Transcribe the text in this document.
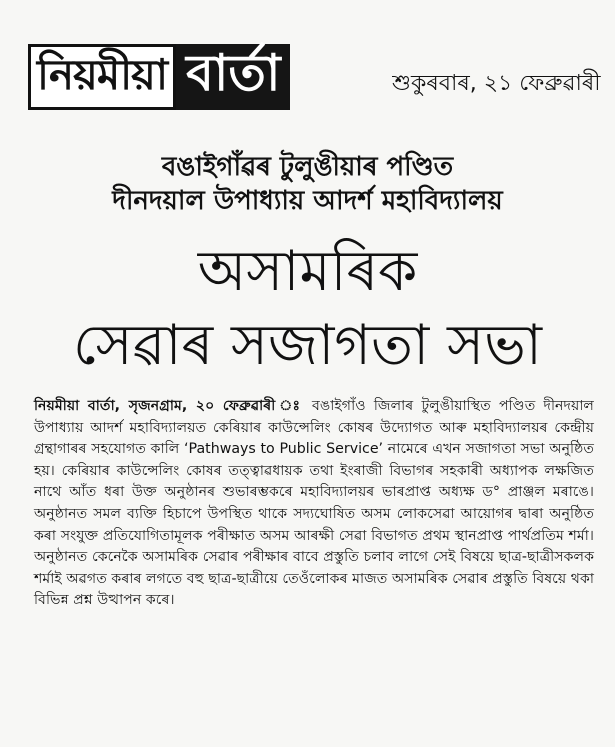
নিয়মীয়া বাৰ্তা	শুকুৰবাৰ, ২১ ফেব্ৰুৱাৰী
বঙাইগাঁৱৰ টুলুঙীয়াৰ পণ্ডিত
দীনদয়াল উপাধ্যায় আদৰ্শ মহাবিদ্যালয়
অসামৰিক
সেৱাৰ সজাগতা সভা
নিয়মীয়া বাৰ্তা, সৃজনগ্ৰাম, ২০ ফেব্ৰুৱাৰী ঃ বঙাইগাঁও জিলাৰ টুলুঙীয়াস্থিত পণ্ডিত দীনদয়াল উপাধ্যায় আদৰ্শ মহাবিদ্যালয়ত কেৰিয়াৰ কাউন্সেলিং কোষৰ উদ্যোগত আৰু মহাবিদ্যালয়ৰ কেন্দ্ৰীয় গ্ৰন্থাগাৰৰ সহযোগত কালি ‘Pathways to Public Service’ নামেৰে এখন সজাগতা সভা অনুষ্ঠিত হয়। কেৰিয়াৰ কাউন্সেলিং কোষৰ তত্ত্বাৱধায়ক তথা ইংৰাজী বিভাগৰ সহকাৰী অধ্যাপক লক্ষজিত নাথে আঁত ধৰা উক্ত অনুষ্ঠানৰ শুভাৰম্ভকৰে মহাবিদ্যালয়ৰ ভাৰপ্ৰাপ্ত অধ্যক্ষ ড° প্ৰাঞ্জল মৰাঙে। অনুষ্ঠানত সমল ব্যক্তি হিচাপে উপস্থিত থাকে সদ্যঘোষিত অসম লোকসেৱা আয়োগৰ দ্বাৰা অনুষ্ঠিত কৰা সংযুক্ত প্ৰতিযোগিতামূলক পৰীক্ষাত অসম আৰক্ষী সেৱা বিভাগত প্ৰথম স্থানপ্ৰাপ্ত পাৰ্থপ্ৰতিম শৰ্মা। অনুষ্ঠানত কেনেকৈ অসামৰিক সেৱাৰ পৰীক্ষাৰ বাবে প্ৰস্তুতি চলাব লাগে সেই বিষয়ে ছাত্ৰ-ছাত্ৰীসকলক শৰ্মাই অৱগত কৰাৰ লগতে বহু ছাত্ৰ-ছাত্ৰীয়ে তেওঁলোকৰ মাজত অসামৰিক সেৱাৰ প্ৰস্তুতি বিষয়ে থকা বিভিন্ন প্ৰশ্ন উত্থাপন কৰে।
